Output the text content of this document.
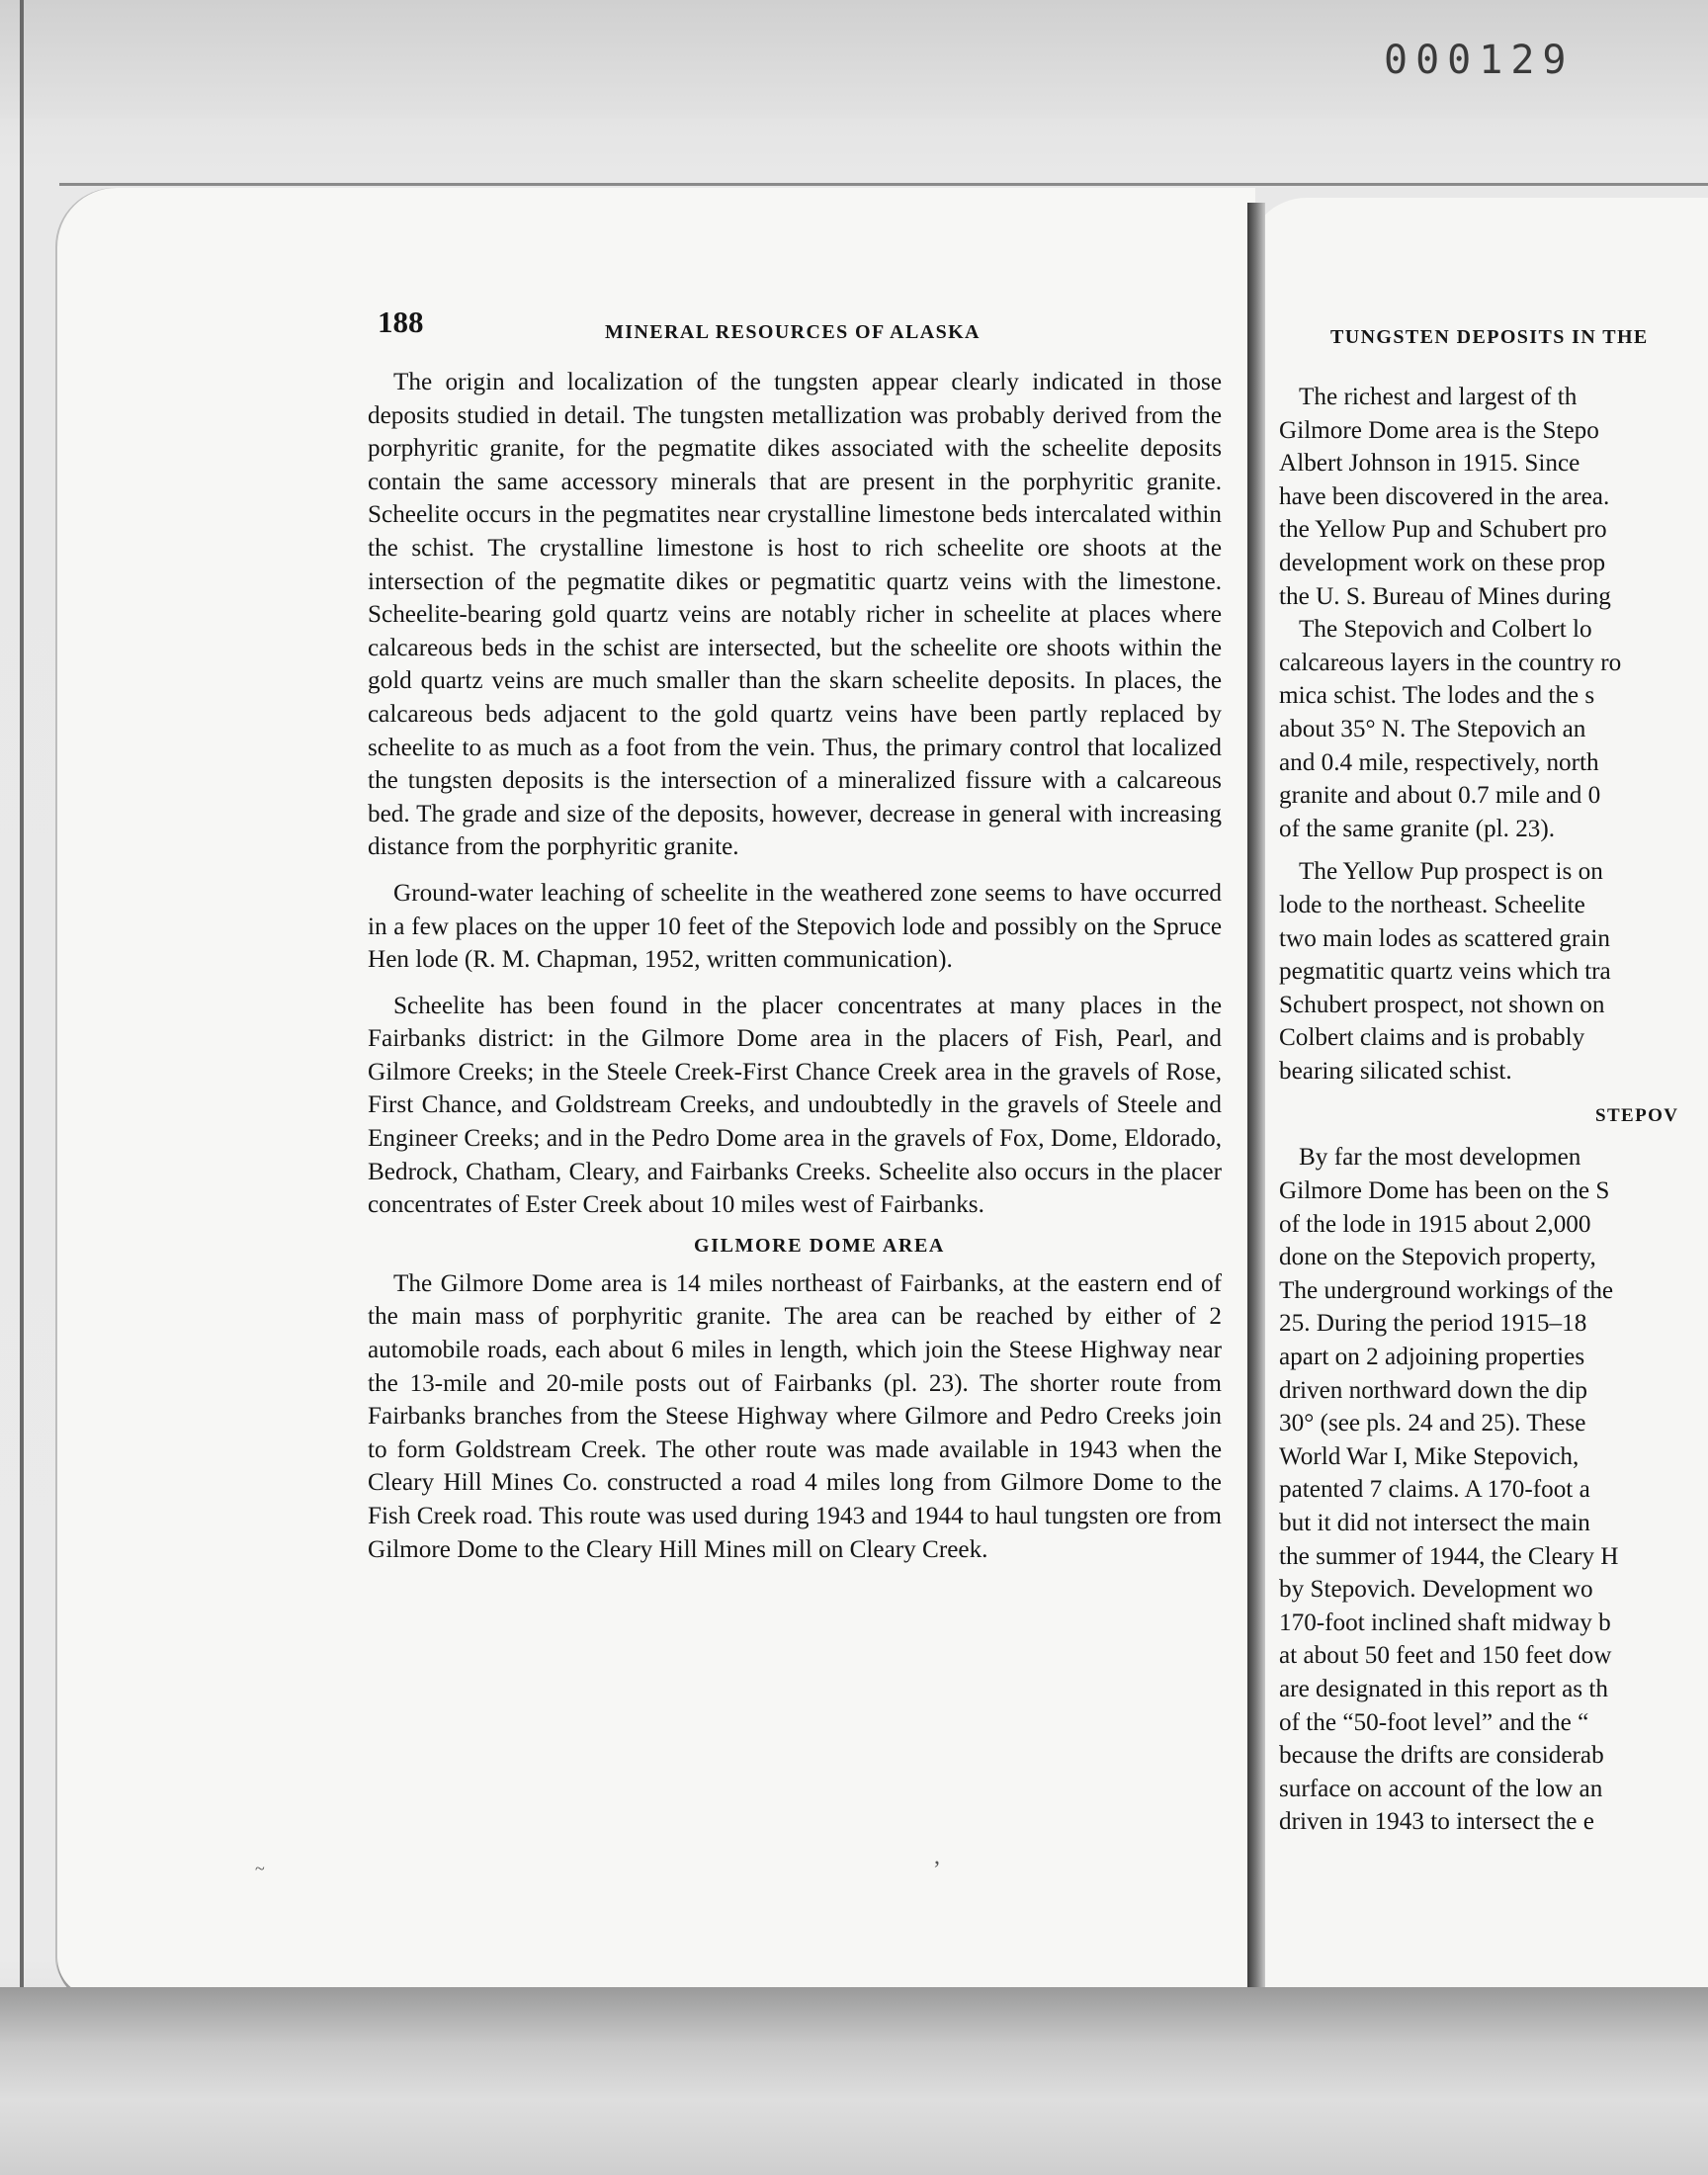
000129
188	MINERAL RESOURCES OF ALASKA	TUNGSTEN DEPOSITS IN THE

The origin and localization of the tungsten appear clearly indicated in those deposits studied in detail. The tungsten metallization was probably derived from the porphyritic granite, for the pegmatite dikes associated with the scheelite deposits contain the same accessory minerals that are present in the porphyritic granite. Scheelite occurs in the pegmatites near crystalline limestone beds intercalated within the schist. The crystalline limestone is host to rich scheelite ore shoots at the intersection of the pegmatite dikes or pegmatitic quartz veins with the limestone. Scheelite-bearing gold quartz veins are notably richer in scheelite at places where calcareous beds in the schist are intersected, but the scheelite ore shoots within the gold quartz veins are much smaller than the skarn scheelite deposits. In places, the calcareous beds adjacent to the gold quartz veins have been partly replaced by scheelite to as much as a foot from the vein. Thus, the primary control that localized the tungsten deposits is the intersection of a mineralized fissure with a calcareous bed. The grade and size of the deposits, however, decrease in general with increasing distance from the porphyritic granite.

Ground-water leaching of scheelite in the weathered zone seems to have occurred in a few places on the upper 10 feet of the Stepovich lode and possibly on the Spruce Hen lode (R. M. Chapman, 1952, written communication).

Scheelite has been found in the placer concentrates at many places in the Fairbanks district: in the Gilmore Dome area in the placers of Fish, Pearl, and Gilmore Creeks; in the Steele Creek-First Chance Creek area in the gravels of Rose, First Chance, and Goldstream Creeks, and undoubtedly in the gravels of Steele and Engineer Creeks; and in the Pedro Dome area in the gravels of Fox, Dome, Eldorado, Bedrock, Chatham, Cleary, and Fairbanks Creeks. Scheelite also occurs in the placer concentrates of Ester Creek about 10 miles west of Fairbanks.

GILMORE DOME AREA

The Gilmore Dome area is 14 miles northeast of Fairbanks, at the eastern end of the main mass of porphyritic granite. The area can be reached by either of 2 automobile roads, each about 6 miles in length, which join the Steese Highway near the 13-mile and 20-mile posts out of Fairbanks (pl. 23). The shorter route from Fairbanks branches from the Steese Highway where Gilmore and Pedro Creeks join to form Goldstream Creek. The other route was made available in 1943 when the Cleary Hill Mines Co. constructed a road 4 miles long from Gilmore Dome to the Fish Creek road. This route was used during 1943 and 1944 to haul tungsten ore from Gilmore Dome to the Cleary Hill Mines mill on Cleary Creek.

The richest and largest of th
Gilmore Dome area is the Stepo
Albert Johnson in 1915. Since
have been discovered in the area.
the Yellow Pup and Schubert pro
development work on these prop
the U. S. Bureau of Mines during
The Stepovich and Colbert lo
calcareous layers in the country ro
mica schist. The lodes and the s
about 35° N. The Stepovich an
and 0.4 mile, respectively, north
granite and about 0.7 mile and 0
of the same granite (pl. 23).
The Yellow Pup prospect is on
lode to the northeast. Scheelite
two main lodes as scattered grain
pegmatitic quartz veins which tra
Schubert prospect, not shown on
Colbert claims and is probably
bearing silicated schist.
STEPOV
By far the most developmen
Gilmore Dome has been on the S
of the lode in 1915 about 2,000
done on the Stepovich property,
The underground workings of the
25. During the period 1915–18
apart on 2 adjoining properties
driven northward down the dip
30° (see pls. 24 and 25). These
World War I, Mike Stepovich,
patented 7 claims. A 170-foot a
but it did not intersect the main
the summer of 1944, the Cleary H
by Stepovich. Development wo
170-foot inclined shaft midway b
at about 50 feet and 150 feet dow
are designated in this report as th
of the “50-foot level” and the “
because the drifts are considerab
surface on account of the low an
driven in 1943 to intersect the e
,
~
